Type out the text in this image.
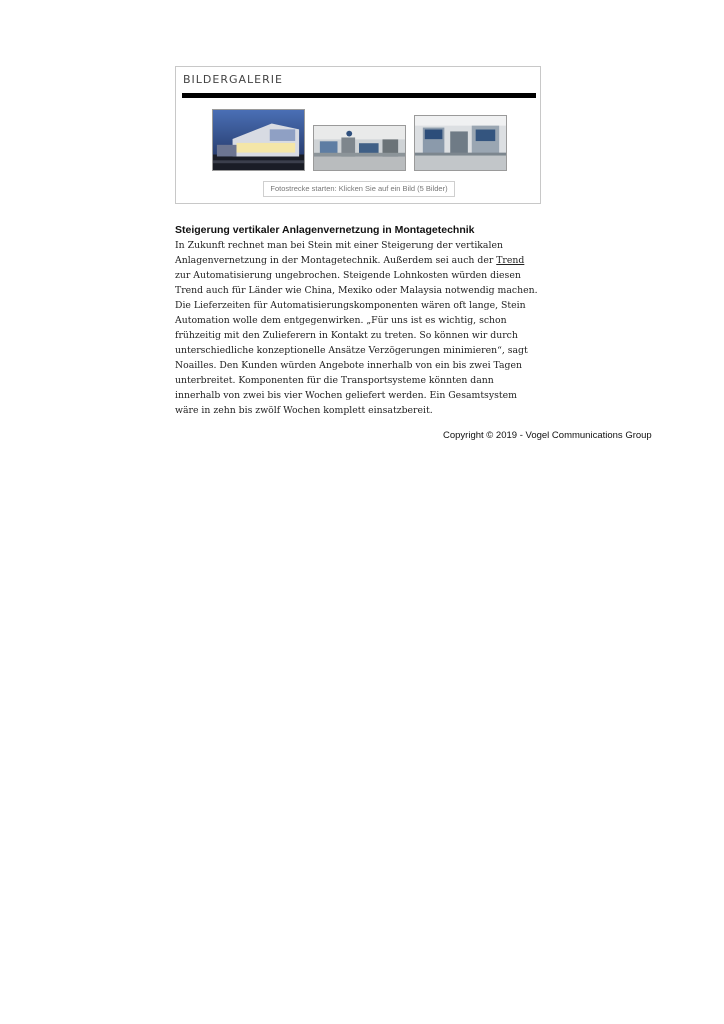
BILDERGALERIE
Fotostrecke starten: Klicken Sie auf ein Bild (5 Bilder)
Steigerung vertikaler Anlagenvernetzung in Montagetechnik
In Zukunft rechnet man bei Stein mit einer Steigerung der vertikalen
Anlagenvernetzung in der Montagetechnik. Außerdem sei auch der Trend
zur Automatisierung ungebrochen. Steigende Lohnkosten würden diesen
Trend auch für Länder wie China, Mexiko oder Malaysia notwendig machen.
Die Lieferzeiten für Automatisierungskomponenten wären oft lange, Stein
Automation wolle dem entgegenwirken. „Für uns ist es wichtig, schon
frühzeitig mit den Zulieferern in Kontakt zu treten. So können wir durch
unterschiedliche konzeptionelle Ansätze Verzögerungen minimieren“, sagt
Noailles. Den Kunden würden Angebote innerhalb von ein bis zwei Tagen
unterbreitet. Komponenten für die Transportsysteme könnten dann
innerhalb von zwei bis vier Wochen geliefert werden. Ein Gesamtsystem
wäre in zehn bis zwölf Wochen komplett einsatzbereit.
Copyright © 2019 - Vogel Communications Group
